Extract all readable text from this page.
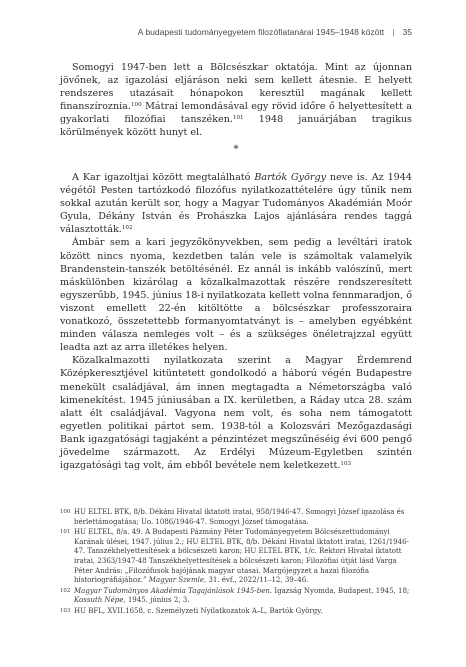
A budapesti tudományegyetem filozófiatanárai 1945–1948 között | 35

Somogyi 1947-ben lett a Bölcsészkar oktatója. Mint az újonnan jövőnek, az igazolási eljáráson neki sem kellett átesnie. E helyett rendszeres utazásait hónapokon keresztül magának kellett finanszíroznia.$^{100}$ Mátrai lemondásával egy rövid időre ő helyettesített a gyakorlati filozófiai tanszéken.$^{101}$ 1948 januárjában tragikus körülmények között hunyt el.

*

A Kar igazoltjai között megtalálható Bartók György neve is. Az 1944 végétől Pesten tartózkodó filozófus nyilatkozattételére úgy tűnik nem sokkal azután került sor, hogy a Magyar Tudományos Akadémián Moór Gyula, Dékány István és Prohászka Lajos ajánlására rendes taggá választották.$^{102}$

Ámbár sem a kari jegyzőkönyvekben, sem pedig a levéltári iratok között nincs nyoma, kezdetben talán vele is számoltak valamelyik Brandenstein-tanszék betöltésénél. Ez annál is inkább valószínű, mert máskülönben kizárólag a közalkalmazottak részére rendszeresített egyszerűbb, 1945. június 18-i nyilatkozata kellett volna fennmaradjon, ő viszont emellett 22-én kitöltötte a bölcsészkar professzoraira vonatkozó, összetettebb formanyomtatványt is – amelyben egyébként minden válasza nemleges volt – és a szükséges önéletrajzzal együtt leadta azt az arra illetékes helyen.

Közalkalmazotti nyilatkozata szerint a Magyar Érdemrend Középkeresztjével kitüntetett gondolkodó a háború végén Budapestre menekült családjával, ám innen megtagadta a Németországba való kimenekítést. 1945 júniusában a IX. kerületben, a Ráday utca 28. szám alatt élt családjával. Vagyona nem volt, és soha nem támogatott egyetlen politikai pártot sem. 1938-tól a Kolozsvári Mezőgazdasági Bank igazgatósági tagjaként a pénzintézet megszűnéséig évi 600 pengő jövedelme származott. Az Erdélyi Múzeum-Egyletben szintén igazgatósági tag volt, ám ebből bevétele nem keletkezett.$^{103}$

100 HU ELTEL BTK, 8/b. Dékáni Hivatal iktatott iratai, 958/1946-47. Somogyi József igazolása és bérlettámogatása; Uo. 1086/1946-47. Somogyi József támogatása.
101 HU ELTEL, 8/a. 49. A Budapesti Pázmány Péter Tudományegyetem Bölcsészettudományi Karának ülései, 1947. július 2.; HU ELTEL BTK, 8/b. Dékáni Hivatal iktatott iratai, 1261/1946-47. Tanszékhelyettesítések a bölcsészeti karon; HU ELTEL BTK, 1/c. Rektori Hivatal iktatott iratai, 2363/1947-48 Tanszékhelyettesítések a bölcsészeti karon; Filozófiai útját lásd Varga Péter András: „Filozófusok hajójának magyar utasai. Margójegyzet a hazai filozófia historiográfiájához.” Magyar Szemle, 31. évf., 2022/11–12, 39–46.
102 Magyar Tudományos Akadémia Tagajánlások 1945-ben. Igazság Nyomda, Budapest, 1945, 18; Kossuth Népe, 1945. június 2, 3.
103 HU BFL, XVII.1658. c. Személyzeti Nyilatkozatok A–L, Bartók György.
